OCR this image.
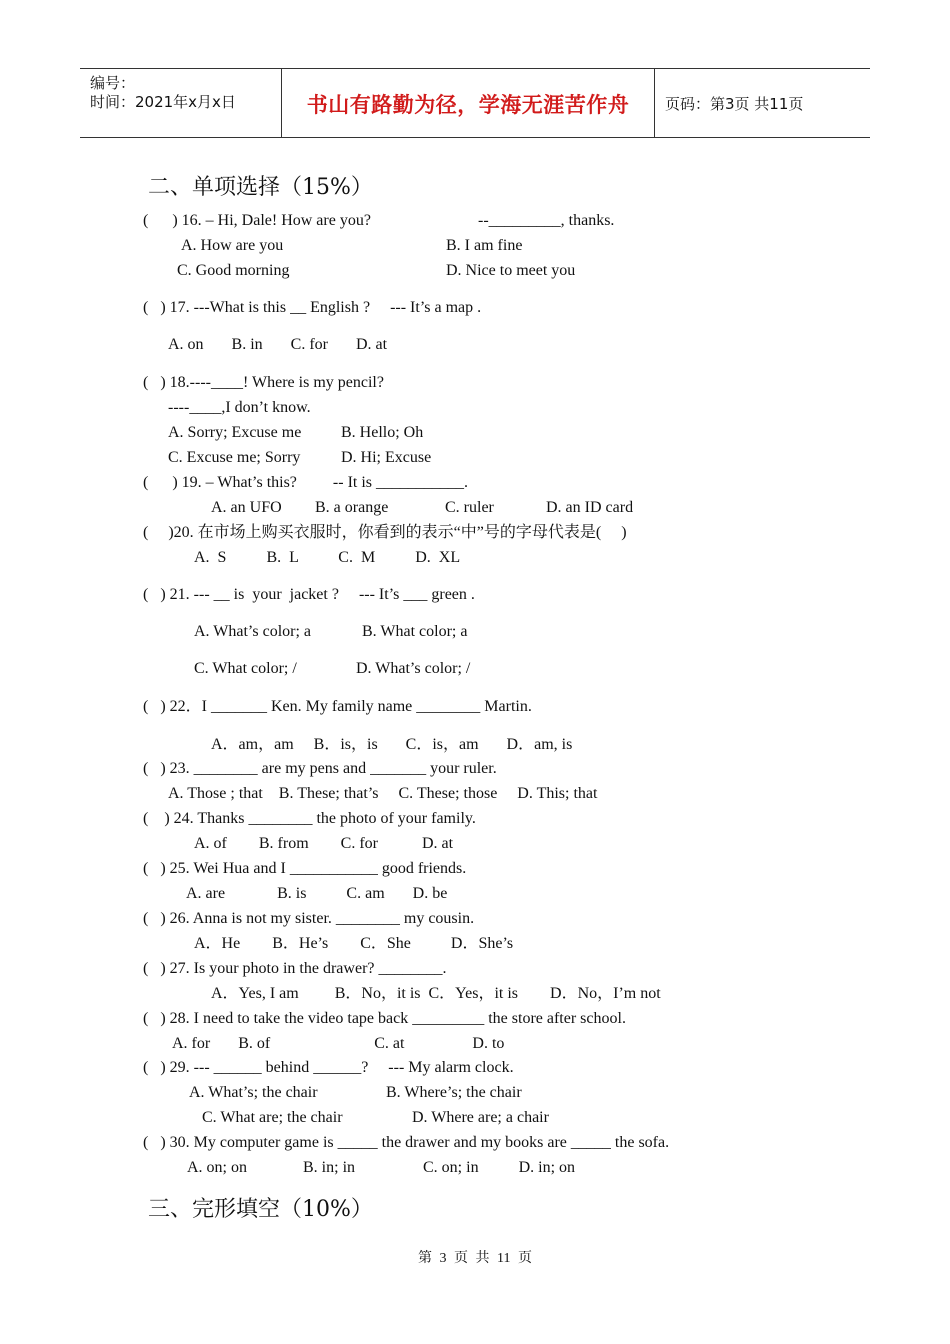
编号：
时间：2021年x月x日	书山有路勤为径，学海无涯苦作舟	页码：第3页 共11页
二、单项选择（15%）
(      ) 16. – Hi, Dale! How are you?	--_________, thanks.
A. How are you	B. I am fine
C. Good morning	D. Nice to meet you
(   ) 17. ---What is this __ English ?     --- It’s a map .
A. on       B. in       C. for       D. at
(   ) 18.----____! Where is my pencil?
----____,I don’t know.
A. Sorry; Excuse me B. Hello; Oh
C. Excuse me; Sorry	D. Hi; Excuse
(      ) 19. – What’s this?         -- It is ___________.
A. an UFO B. a orange	C. ruler	D. an ID card
(     )20. 在市场上购买衣服时，你看到的表示“中”号的字母代表是(     )
A.  S          B.  L          C.  M          D.  XL
(   ) 21. --- __ is  your  jacket ?     --- It’s ___ green .
A. What’s color; a	B. What color; a
C. What color; /	D. What’s color; /
(   ) 22．I _______ Ken. My family name ________ Martin.
A．am，am     B．is，is       C．is，am       D．am, is
(   ) 23. ________ are my pens and _______ your ruler.
A. Those ; that    B. These; that’s     C. These; those     D. This; that
(    ) 24. Thanks ________ the photo of your family.
A. of        B. from        C. for           D. at
(   ) 25. Wei Hua and I ___________ good friends.
A. are             B. is          C. am       D. be
(   ) 26. Anna is not my sister. ________ my cousin.
A．He        B．He’s        C．She          D．She’s
(   ) 27. Is your photo in the drawer? ________.
A．Yes, I am         B．No，it is  C．Yes，it is        D．No，I’m not
(   ) 28. I need to take the video tape back _________ the store after school.
A. for       B. of                          C. at                 D. to
(   ) 29. --- ______ behind ______?     --- My alarm clock.
A. What’s; the chair	B. Where’s; the chair
C. What are; the chair	D. Where are; a chair
(   ) 30. My computer game is _____ the drawer and my books are _____ the sofa.
A. on; on              B. in; in                 C. on; in          D. in; on
三、完形填空（10%）
第 3 页 共 11 页
